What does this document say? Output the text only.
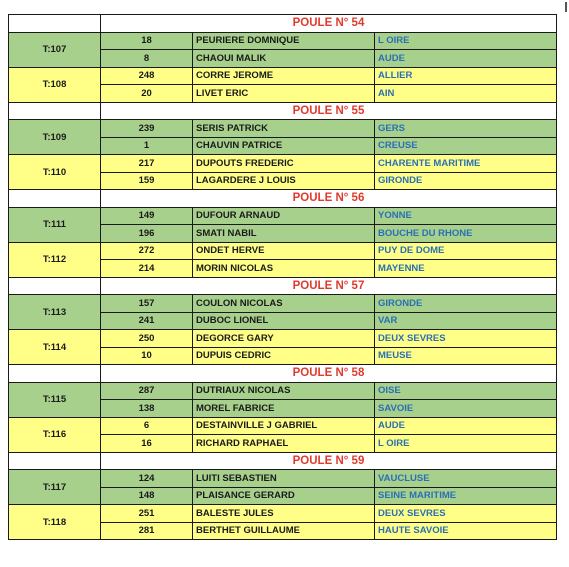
	POULE N° 54		
T:107	18	PEURIERE DOMNIQUE	L OIRE
	8	CHAOUI MALIK	AUDE
T:108	248	CORRE JEROME	ALLIER
	20	LIVET ERIC	AIN
	POULE N° 55		
T:109	239	SERIS PATRICK	GERS
	1	CHAUVIN PATRICE	CREUSE
T:110	217	DUPOUTS FREDERIC	CHARENTE MARITIME
	159	LAGARDERE J LOUIS	GIRONDE
	POULE N° 56		
T:111	149	DUFOUR ARNAUD	YONNE
	196	SMATI NABIL	BOUCHE DU RHONE
T:112	272	ONDET HERVE	PUY DE DOME
	214	MORIN NICOLAS	MAYENNE
	POULE N° 57		
T:113	157	COULON NICOLAS	GIRONDE
	241	DUBOC LIONEL	VAR
T:114	250	DEGORCE GARY	DEUX SEVRES
	10	DUPUIS CEDRIC	MEUSE
	POULE N° 58		
T:115	287	DUTRIAUX NICOLAS	OISE
	138	MOREL FABRICE	SAVOIE
T:116	6	DESTAINVILLE J GABRIEL	AUDE
	16	RICHARD RAPHAEL	L OIRE
	POULE N° 59		
T:117	124	LUITI SEBASTIEN	VAUCLUSE
	148	PLAISANCE GERARD	SEINE MARITIME
T:118	251	BALESTE JULES	DEUX SEVRES
	281	BERTHET GUILLAUME	HAUTE SAVOIE
